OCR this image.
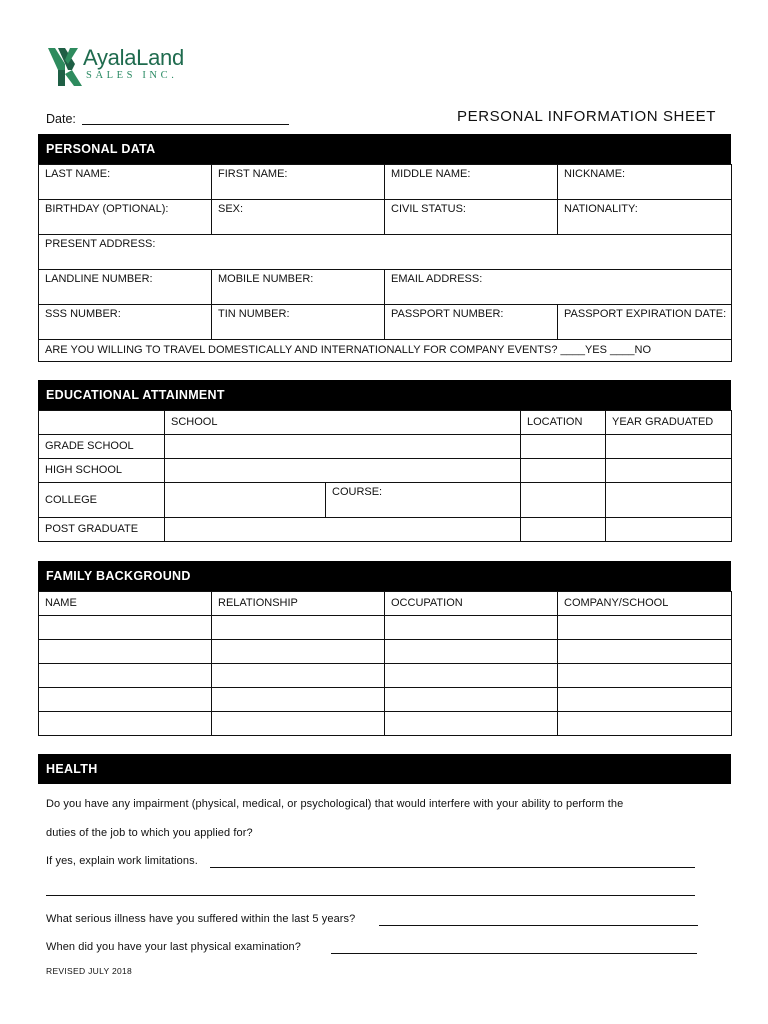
AyalaLand
SALES INC.
Date:	PERSONAL INFORMATION SHEET
PERSONAL DATA
LAST NAME:	FIRST NAME:	MIDDLE NAME:	NICKNAME:
BIRTHDAY (OPTIONAL):	SEX:	CIVIL STATUS:	NATIONALITY:
PRESENT ADDRESS:			
LANDLINE NUMBER:	MOBILE NUMBER:	EMAIL ADDRESS:	
SSS NUMBER:	TIN NUMBER:	PASSPORT NUMBER:	PASSPORT EXPIRATION DATE:
ARE YOU WILLING TO TRAVEL DOMESTICALLY AND INTERNATIONALLY FOR COMPANY EVENTS? ____YES ____NO			
EDUCATIONAL ATTAINMENT
	SCHOOL		LOCATION	YEAR GRADUATED
GRADE SCHOOL				
HIGH SCHOOL				
COLLEGE		COURSE:		
POST GRADUATE				
FAMILY BACKGROUND
NAME	RELATIONSHIP	OCCUPATION	COMPANY/SCHOOL

HEALTH
Do you have any impairment (physical, medical, or psychological) that would interfere with your ability to perform the
duties of the job to which you applied for?
If yes, explain work limitations.
What serious illness have you suffered within the last 5 years?
When did you have your last physical examination?
REVISED JULY 2018
